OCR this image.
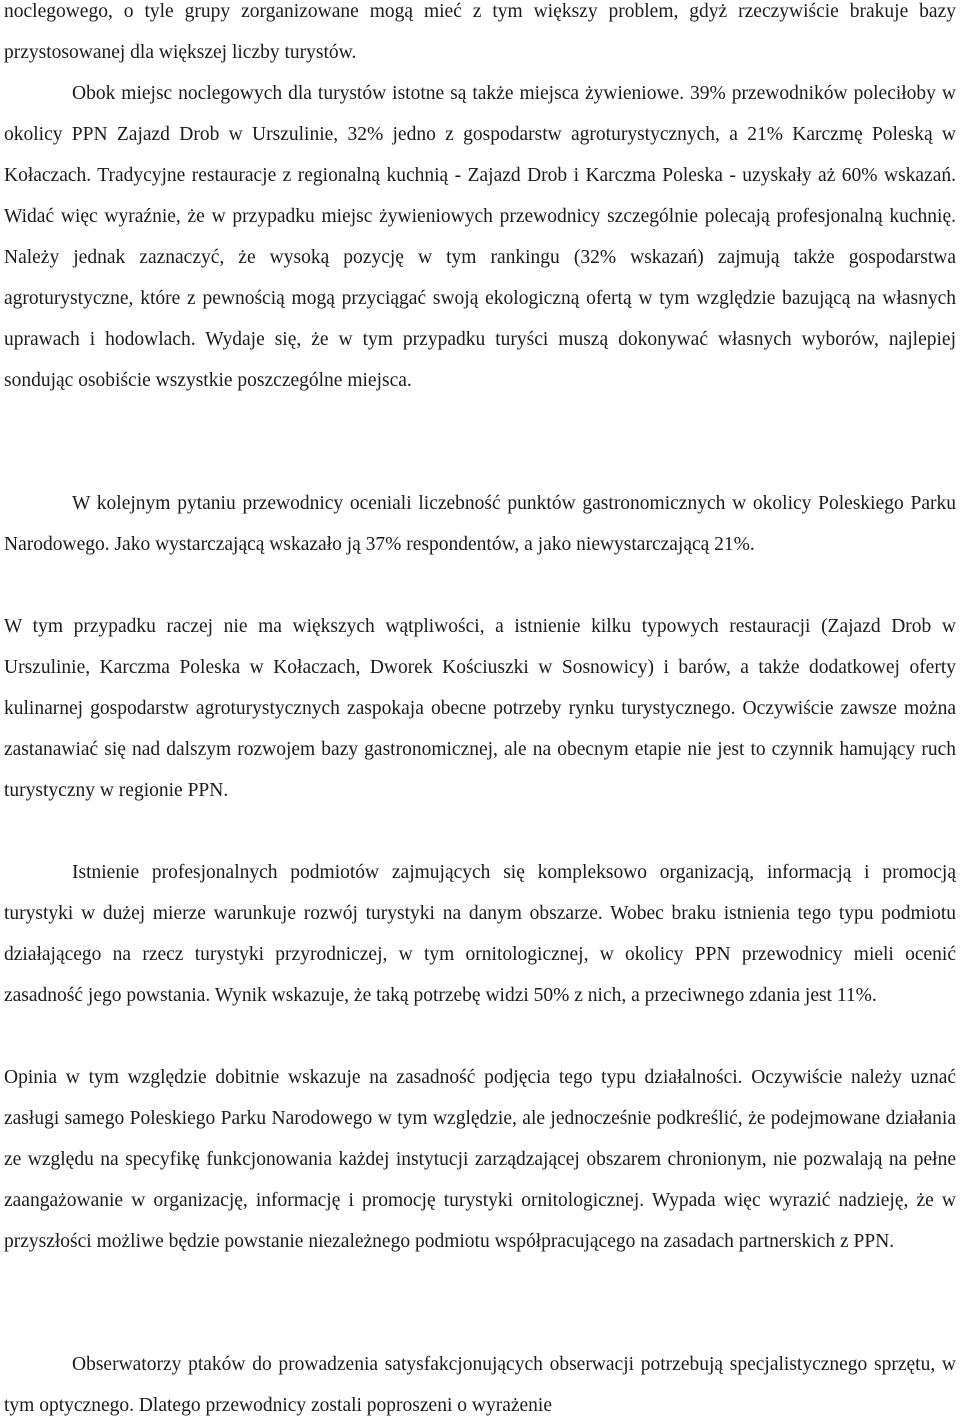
noclegowego, o tyle grupy zorganizowane mogą mieć z tym większy problem, gdyż rzeczywiście brakuje bazy przystosowanej dla większej liczby turystów.

Obok miejsc noclegowych dla turystów istotne są także miejsca żywieniowe. 39% przewodników poleciłoby w okolicy PPN Zajazd Drob w Urszulinie, 32% jedno z gospodarstw agroturystycznych, a 21% Karczmę Poleską w Kołaczach. Tradycyjne restauracje z regionalną kuchnią - Zajazd Drob i Karczma Poleska - uzyskały aż 60% wskazań. Widać więc wyraźnie, że w przypadku miejsc żywieniowych przewodnicy szczególnie polecają profesjonalną kuchnię. Należy jednak zaznaczyć, że wysoką pozycję w tym rankingu (32% wskazań) zajmują także gospodarstwa agroturystyczne, które z pewnością mogą przyciągać swoją ekologiczną ofertą w tym względzie bazującą na własnych uprawach i hodowlach. Wydaje się, że w tym przypadku turyści muszą dokonywać własnych wyborów, najlepiej sondując osobiście wszystkie poszczególne miejsca.

W kolejnym pytaniu przewodnicy oceniali liczebność punktów gastronomicznych w okolicy Poleskiego Parku Narodowego. Jako wystarczającą wskazało ją 37% respondentów, a jako niewystarczającą 21%.

W tym przypadku raczej nie ma większych wątpliwości, a istnienie kilku typowych restauracji (Zajazd Drob w Urszulinie, Karczma Poleska w Kołaczach, Dworek Kościuszki w Sosnowicy) i barów, a także dodatkowej oferty kulinarnej gospodarstw agroturystycznych zaspokaja obecne potrzeby rynku turystycznego. Oczywiście zawsze można zastanawiać się nad dalszym rozwojem bazy gastronomicznej, ale na obecnym etapie nie jest to czynnik hamujący ruch turystyczny w regionie PPN.

Istnienie profesjonalnych podmiotów zajmujących się kompleksowo organizacją, informacją i promocją turystyki w dużej mierze warunkuje rozwój turystyki na danym obszarze. Wobec braku istnienia tego typu podmiotu działającego na rzecz turystyki przyrodniczej, w tym ornitologicznej, w okolicy PPN przewodnicy mieli ocenić zasadność jego powstania. Wynik wskazuje, że taką potrzebę widzi 50% z nich, a przeciwnego zdania jest 11%.

Opinia w tym względzie dobitnie wskazuje na zasadność podjęcia tego typu działalności. Oczywiście należy uznać zasługi samego Poleskiego Parku Narodowego w tym względzie, ale jednocześnie podkreślić, że podejmowane działania ze względu na specyfikę funkcjonowania każdej instytucji zarządzającej obszarem chronionym, nie pozwalają na pełne zaangażowanie w organizację, informację i promocję turystyki ornitologicznej. Wypada więc wyrazić nadzieję, że w przyszłości możliwe będzie powstanie niezależnego podmiotu współpracującego na zasadach partnerskich z PPN.

Obserwatorzy ptaków do prowadzenia satysfakcjonujących obserwacji potrzebują specjalistycznego sprzętu, w tym optycznego. Dlatego przewodnicy zostali poproszeni o wyrażenie
